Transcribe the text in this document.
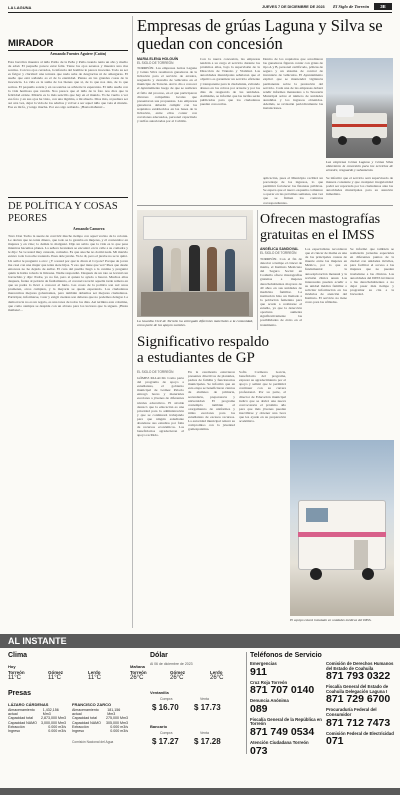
LA LAGUNA	JUEVES 7 DE DICIEMBRE DE 2023 El Siglo de Torreón	3E
MIRADOR
Armando Fuentes Aguirre (Catón)
Esta bucólica muestra al niño Pablo de la Peña y Peña cuando tenía un año y medio de edad. El pequeño parece estar feliz. Tiene los ojos serenos y muestra una risa sonrisa. Con los ojos cerrados, la infancia del hombre le parece inocente. Todo su ser es fulgor y claridad: una ternura que nada sabe de desgracias ni de amarguras. El sueño que está soñando es el de la eternidad. Pienso en las grandes cosas de la inocencia. La vida es la suma de los bienes que sí, de lo que nos dan, de lo que somos. El pequeño sonríe y en su sonrisa se advierte la esperanza. El niño sueña con la vida hermosa que vendrá. Nos parece que el niño de la foto nos dice que la felicidad existe. Mirarla es lo más sencillo que hay en el mundo. Yo he vuelto a ver esa foto y en sus ojos he visto, con una lágrima, a mi abuelo. Dios mío, si pudiera ser así otra vez, dejar la vida de los adultos y volver a ser aquel niño que veía el mundo. Esa es mi fe, y tengo mucha. Por eso sigo soñando. ¡Hasta mañana!...
DE POLÍTICA Y COSAS PEORES
Armando Camorra
Tuvo Don Tacho la suerte de convivir mucho tiempo con aquel vecino de la colonia. Le decían que no tenía dinero, que todo se lo gastaba en mujeres, y él contestaba: en mujeres y en vino; lo demás lo malgasté. Dijo un sabio que la vida es lo que pasa mientras hacemos planes. La señora Grandeza se encontró en la calle a su comadre y le dijo: Se ve usted muy cansada, comadre. Es que anoche no dormí nada. Mi marido estuvo toda la noche tosiendo. Pues dele jarabe. Ya le di, pero el jarabe no se le quitó. Un señor le preguntó a otro: ¿Y a usted por qué le dicen el Coyote? Porque de joven me casé con una mujer que tenía siete hijos. Y eso qué tiene que ver? Pues que desde entonces no he dejado de aullar. El cura del pueblo llegó a la cantina y preguntó quién le había robado la limosna. Nadie respondió. Después de un rato se levantó un borrachito y dijo: Padre, yo no fui, pero si quiere le ayudo a buscar. Muchos años después, frente al pelotón de fusilamiento, el coronel recordó aquella tarde remota en que su padre lo llevó a conocer el hielo. Las cosas de la política son así: unos prometen, otros cumplen, y la mayoría se queda esperando. Los ciudadanos merecemos mejores gobernantes, pero también debemos ser mejores ciudadanos. Participar, informarse, votar y exigir cuentas son deberes que no podemos delegar. La democracia no es un regalo, es una tarea de todos los días. Así termina esta columna, que como siempre se despide con un abrazo para los lectores que la siguen. ¡Hasta mañana!...
Empresas de grúas Laguna y Silva se quedan con concesión
MARIA ELENA HOLGUÍN
EL SIGLO DE TORREÓN
TORREÓN. Las empresas Grúas Laguna y Grúas Silva resultaron ganadoras de la licitación para el servicio de arrastre, resguardo y custodia de vehículos en el municipio de Torreón. Así lo dio a conocer el Ayuntamiento luego de que se realizara el fallo del proceso, en el que participaron diversas compañías locales que presentaron sus propuestas. Las empresas ganadoras deberán cumplir con los requisitos establecidos en las bases de la licitación, entre ellos contar con corralones adecuados, personal capacitado y tarifas autorizadas por el Cabildo.
Con la nueva concesión, las empresas tendrán a su cargo el servicio durante los próximos años, bajo la supervisión de la Dirección de Tránsito y Vialidad. Las autoridades municipales señalaron que el objetivo es garantizar un servicio eficiente y transparente para la ciudadanía, evitando abusos en los cobros por arrastre y por los días de resguardo de las unidades. Asimismo, se informó que las tarifas serán publicadas para que los ciudadanos puedan conocerlas.
Dentro de los requisitos que acreditaron las ganadoras figuran contar con grúas de tipo A y B, personal certificado, pólizas de seguro y un sistema de control de inventario de vehículos. El Ayuntamiento explicó que se mantendrá vigilancia permanente sobre la prestación del servicio. Cada una de las empresas deberá rendir informes mensuales a la Tesorería Municipal sobre el número de unidades atendidas y los ingresos obtenidos. Además, se revisarán periódicamente las instalaciones.
Las empresas Grúas Laguna y Grúas Silva obtuvieron la concesión para los servicios de arrastre, resguardo y salvamento.
aplicación, pues el Municipio recibirá un porcentaje de los ingresos, lo que permitirá fortalecer las finanzas públicas. Se espera que el nuevo esquema comience a operar en las próximas semanas, una vez que se firmen los contratos correspondientes.
Se informó que el servicio será supervisado de manera constante y que cualquier irregularidad podrá ser reportada por los ciudadanos ante las autoridades municipales para su atención inmediata.
La Guardia Civil de Torreón ha entregado diferentes materiales a la comunidad, como parte de los apoyos sociales.
Significativo respaldo a estudiantes de GP
EL SIGLO DE TORREÓN
GÓMEZ PALACIO. Como parte del programa de apoyo a estudiantes, el gobierno municipal de Gómez Palacio entregó becas y materiales escolares a jóvenes de diferentes niveles educativos. El alcalde destacó que la educación es una prioridad para la administración y que se continuará trabajando para que ningún estudiante abandone sus estudios por falta de recursos económicos. Los beneficiarios agradecieron el apoyo recibido.
En la ceremonia estuvieron presentes directivos de planteles, padres de familia y funcionarios municipales. Se informó que en esta etapa se beneficiaron cientos de alumnos de primaria, secundaria, preparatoria y universidad. El programa contempla también el otorgamiento de uniformes y útiles escolares para los estudiantes de escasos recursos. La autoridad municipal reiteró su compromiso con la juventud gomezpalatina.
Sofía Carmona García, beneficiaria del programa, expresó su agradecimiento por el apoyo y señaló que le permitirá continuar con su carrera profesional. Por su parte, el director de Educación municipal indicó que se abrirá una nueva convocatoria el próximo año para que más jóvenes puedan inscribirse y obtener una beca que les ayude en su preparación académica.
Ofrecen mastografías gratuitas en el IMSS
ANGÉLICA SANDOVAL
EL SIGLO DE TORREÓN
TORREÓN. Con el fin de detectar a tiempo el cáncer de mama, el Instituto Mexicano del Seguro Social en Coahuila ofrece mastografías gratuitas a mujeres derechohabientes mayores de 40 años en sus unidades de medicina familiar. La institución hizo un llamado a la población femenina para que acuda a realizarse el estudio, ya que la detección oportuna aumenta significativamente las posibilidades de éxito en el tratamiento.
Los especialistas recordaron que el cáncer de mama es una de las principales causas de muerte entre las mujeres en México, por lo que es fundamental la autoexploración mensual y la revisión clínica anual. Las interesadas pueden acudir a su unidad médica familiar o solicitar información en los módulos de atención del Instituto. El servicio no tiene costo para las afiliadas.
Se informó que también se realizarán jornadas especiales en diferentes puntos de la ciudad con unidades móviles, para facilitar el acceso a las mujeres que no pueden trasladarse a las clínicas. Las autoridades del IMSS invitaron a las derechohabientes a no dejar pasar más tiempo y programar su cita a la brevedad.
El equipo estará instalado en unidades médicas del IMSS.
AL INSTANTE
Clima
Hoy
Torreón
11°C
Gómez
11°C
Lerdo
11°C
Mañana
Torreón
26°C
Gómez
26°C
Lerdo
26°C
Presas
LÁZARO CÁRDENAS
Almacenamiento actual
1,432,156 Mm3
Capacidad total 2,873,000 Mm3
Capacidad NAMO 3,000,000 Mm3
Extracción	0.000 m3/s
Ingreso	0.000 m3/s
FRANCISCO ZARCO
Almacenamiento actual
181,156 Mm3
Capacidad total	275,000 Mm3
Capacidad NAMO 305,000 Mm3
Extracción	0.000 m3/s
Ingreso	0.000 m3/s
Comisión Nacional del Agua
Dólar
Al 06 de diciembre de 2023
Ventanilla
Compra	Venta
$ 16.70 $ 17.73
Bancario
Compra	Venta
$ 17.27 $ 17.28
Teléfonos de Servicio
Emergencias
911
Cruz Roja Torreón
871 707 0140
Denuncia Anónima
089
Fiscalía General de la República en Torreón
871 749 0534
Atención Ciudadana Torreón
073
Comisión de Derechos Humanos del Estado de Coahuila
871 793 0322
Fiscalía General del Estado de Coahuila Delegación Laguna I
871 729 6700
Procuraduría Federal del Consumidor
871 712 7473
Comisión Federal de Electricidad
071
